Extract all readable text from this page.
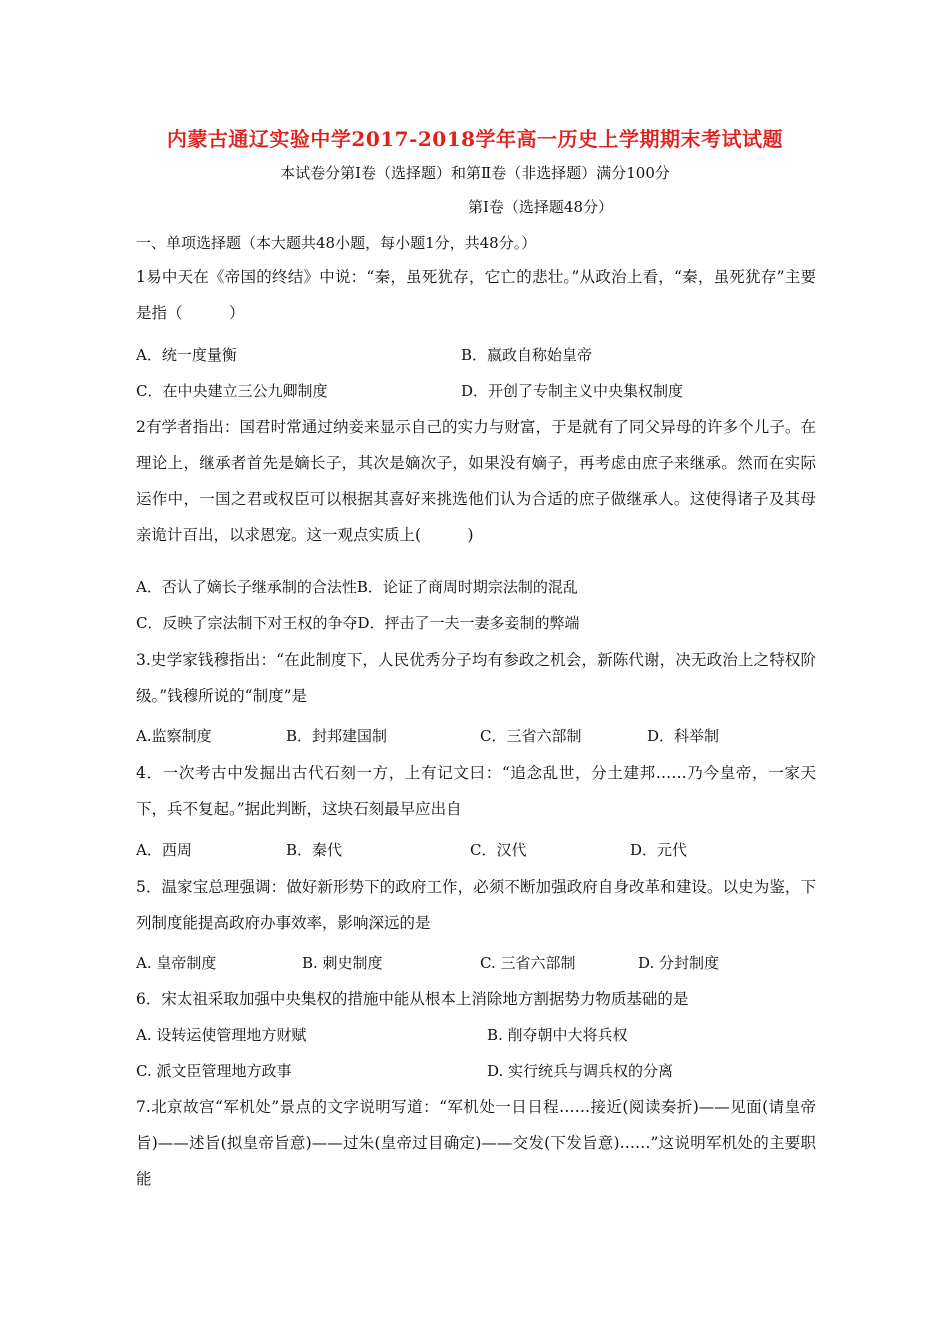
内蒙古通辽实验中学2017-2018学年高一历史上学期期末考试试题
本试卷分第Ⅰ卷（选择题）和第Ⅱ卷（非选择题）满分100分
第Ⅰ卷（选择题48分）
一、单项选择题（本大题共48小题，每小题1分，共48分。）
1易中天在《帝国的终结》中说：“秦，虽死犹存，它亡的悲壮。”从政治上看，“秦，虽死犹存”主要是指（　　　）
A．统一度量衡	B．嬴政自称始皇帝
C．在中央建立三公九卿制度	D．开创了专制主义中央集权制度
2有学者指出：国君时常通过纳妾来显示自己的实力与财富，于是就有了同父异母的许多个儿子。在理论上，继承者首先是嫡长子，其次是嫡次子，如果没有嫡子，再考虑由庶子来继承。然而在实际运作中，一国之君或权臣可以根据其喜好来挑选他们认为合适的庶子做继承人。这使得诸子及其母亲诡计百出，以求恩宠。这一观点实质上(　　　)
A．否认了嫡长子继承制的合法性B．论证了商周时期宗法制的混乱
C．反映了宗法制下对王权的争夺D．抨击了一夫一妻多妾制的弊端
3.史学家钱穆指出：“在此制度下，人民优秀分子均有参政之机会，新陈代谢，决无政治上之特权阶级。”钱穆所说的“制度”是
A.监察制度	B．封邦建国制	C．三省六部制	D．科举制
4．一次考古中发掘出古代石刻一方，上有记文曰：“追念乱世，分土建邦……乃今皇帝，一家天下，兵不复起。”据此判断，这块石刻最早应出自
A．西周	B．秦代	C．汉代	D．元代
5．温家宝总理强调：做好新形势下的政府工作，必须不断加强政府自身改革和建设。以史为鉴，下列制度能提高政府办事效率，影响深远的是
A. 皇帝制度	B. 刺史制度	C. 三省六部制	D. 分封制度
6．宋太祖采取加强中央集权的措施中能从根本上消除地方割据势力物质基础的是
A. 设转运使管理地方财赋	B. 削夺朝中大将兵权
C. 派文臣管理地方政事	D. 实行统兵与调兵权的分离
7.北京故宫“军机处”景点的文字说明写道：“军机处一日日程……接近(阅读奏折)——见面(请皇帝旨)——述旨(拟皇帝旨意)——过朱(皇帝过目确定)——交发(下发旨意)……”这说明军机处的主要职能
